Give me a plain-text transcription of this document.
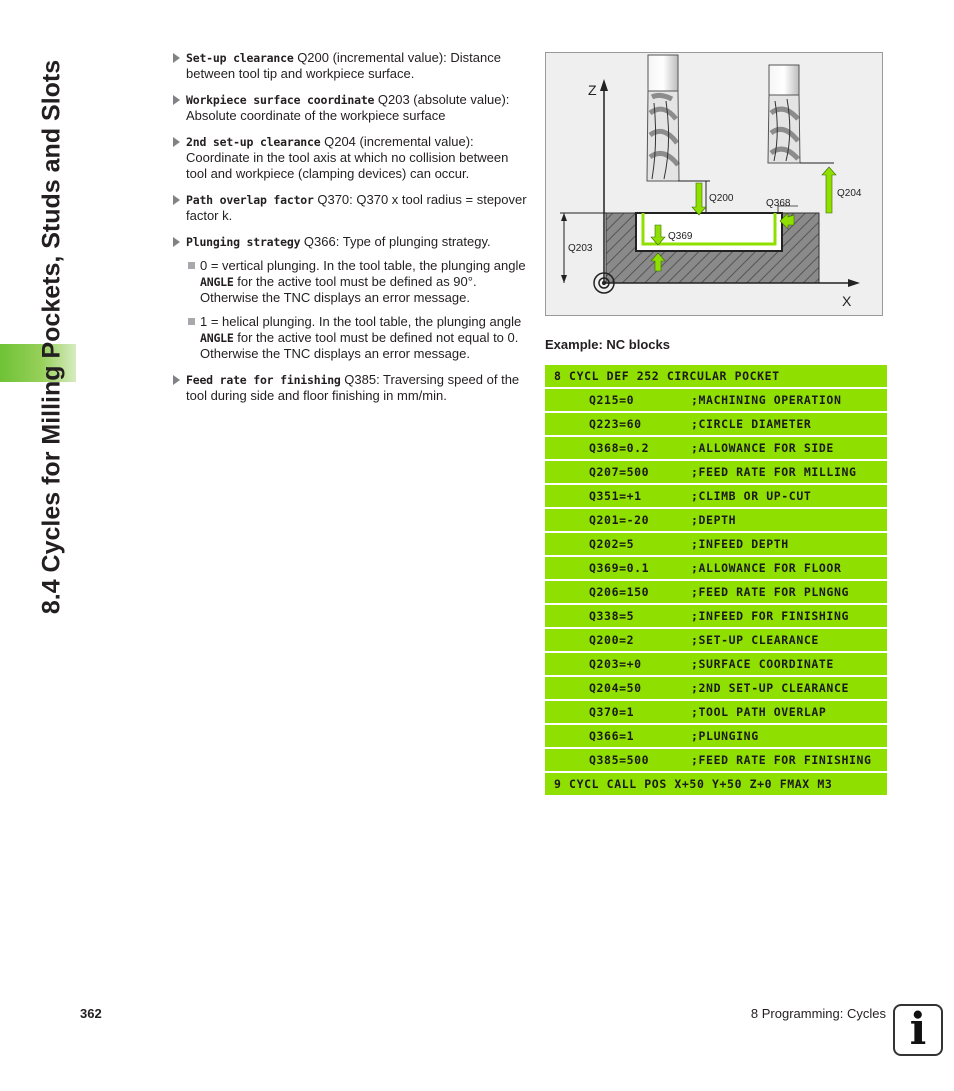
8.4 Cycles for Milling Pockets, Studs and Slots
Set-up clearance Q200 (incremental value): Distance between tool tip and workpiece surface.
Workpiece surface coordinate Q203 (absolute value): Absolute coordinate of the workpiece surface
2nd set-up clearance Q204 (incremental value): Coordinate in the tool axis at which no collision between tool and workpiece (clamping devices) can occur.
Path overlap factor Q370: Q370 x tool radius = stepover factor k.
Plunging strategy Q366: Type of plunging strategy.
0 = vertical plunging. In the tool table, the plunging angle ANGLE for the active tool must be defined as 90°. Otherwise the TNC displays an error message.
1 = helical plunging. In the tool table, the plunging angle ANGLE for the active tool must be defined not equal to 0. Otherwise the TNC displays an error message.
Feed rate for finishing Q385: Traversing speed of the tool during side and floor finishing in mm/min.
Z
X
Q203
Q200	Q204
Q368
Q369
Example: NC blocks
8 CYCL DEF 252 CIRCULAR POCKET
Q215=0	;MACHINING OPERATION
Q223=60	;CIRCLE DIAMETER
Q368=0.2	;ALLOWANCE FOR SIDE
Q207=500	;FEED RATE FOR MILLING
Q351=+1	;CLIMB OR UP-CUT
Q201=-20	;DEPTH
Q202=5	;INFEED DEPTH
Q369=0.1	;ALLOWANCE FOR FLOOR
Q206=150	;FEED RATE FOR PLNGNG
Q338=5	;INFEED FOR FINISHING
Q200=2	;SET-UP CLEARANCE
Q203=+0	;SURFACE COORDINATE
Q204=50	;2ND SET-UP CLEARANCE
Q370=1	;TOOL PATH OVERLAP
Q366=1	;PLUNGING
Q385=500	;FEED RATE FOR FINISHING
9 CYCL CALL POS X+50 Y+50 Z+0 FMAX M3
362	8 Programming: Cycles i
